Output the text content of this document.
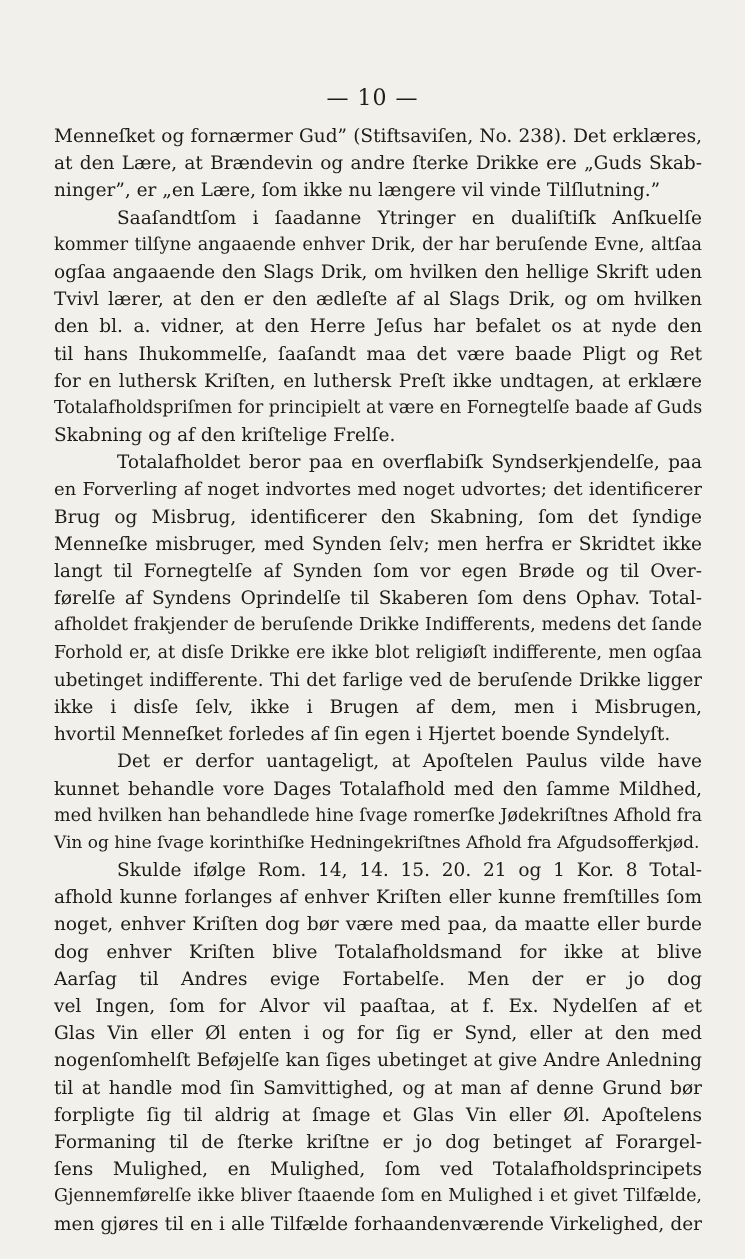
— 10 —
Menneſket og fornærmer Gud” (Stiftsaviſen, No. 238). Det erklæres,
at den Lære, at Brændevin og andre ſterke Drikke ere „Guds Skab-
ninger”, er „en Lære, ſom ikke nu længere vil vinde Tilſlutning.”
Saaſandtſom i ſaadanne Ytringer en dualiſtiſk Anſkuelſe
kommer tilſyne angaaende enhver Drik, der har beruſende Evne, altſaa
ogſaa angaaende den Slags Drik, om hvilken den hellige Skrift uden
Tvivl lærer, at den er den ædleſte af al Slags Drik, og om hvilken
den bl. a. vidner, at den Herre Jeſus har befalet os at nyde den
til hans Ihukommelſe, ſaaſandt maa det være baade Pligt og Ret
for en luthersk Kriſten, en luthersk Preſt ikke undtagen, at erklære
Totalafholdspriſmen for principielt at være en Fornegtelſe baade af Guds
Skabning og af den kriſtelige Frelſe.
Totalafholdet beror paa en overflabiſk Syndserkjendelſe, paa
en Forverling af noget indvortes med noget udvortes; det identificerer
Brug og Misbrug, identificerer den Skabning, ſom det ſyndige
Menneſke misbruger, med Synden ſelv; men herfra er Skridtet ikke
langt til Fornegtelſe af Synden ſom vor egen Brøde og til Over-
førelſe af Syndens Oprindelſe til Skaberen ſom dens Ophav. Total-
afholdet frakjender de beruſende Drikke Indifferents, medens det ſande
Forhold er, at disſe Drikke ere ikke blot religiøſt indifferente, men ogſaa
ubetinget indifferente. Thi det farlige ved de beruſende Drikke ligger
ikke i disſe ſelv, ikke i Brugen af dem, men i Misbrugen,
hvortil Menneſket forledes af ſin egen i Hjertet boende Syndelyſt.
Det er derfor uantageligt, at Apoſtelen Paulus vilde have
kunnet behandle vore Dages Totalafhold med den ſamme Mildhed,
med hvilken han behandlede hine ſvage romerſke Jødekriſtnes Afhold fra
Vin og hine ſvage korinthiſke Hedningekriſtnes Afhold fra Afgudsofferkjød.
Skulde ifølge Rom. 14, 14. 15. 20. 21 og 1 Kor. 8 Total-
afhold kunne forlanges af enhver Kriſten eller kunne fremſtilles ſom
noget, enhver Kriſten dog bør være med paa, da maatte eller burde
dog enhver Kriſten blive Totalafholdsmand for ikke at blive
Aarſag til Andres evige Fortabelſe. Men der er jo dog
vel Ingen, ſom for Alvor vil paaſtaa, at f. Ex. Nydelſen af et
Glas Vin eller Øl enten i og for ſig er Synd, eller at den med
nogenſomhelſt Beføjelſe kan ſiges ubetinget at give Andre Anledning
til at handle mod ſin Samvittighed, og at man af denne Grund bør
forpligte ſig til aldrig at ſmage et Glas Vin eller Øl. Apoſtelens
Formaning til de ſterke kriſtne er jo dog betinget af Forargel-
ſens Mulighed, en Mulighed, ſom ved Totalafholdsprincipets
Gjennemførelſe ikke bliver ſtaaende ſom en Mulighed i et givet Tilfælde,
men gjøres til en i alle Tilfælde forhaandenværende Virkelighed, der
